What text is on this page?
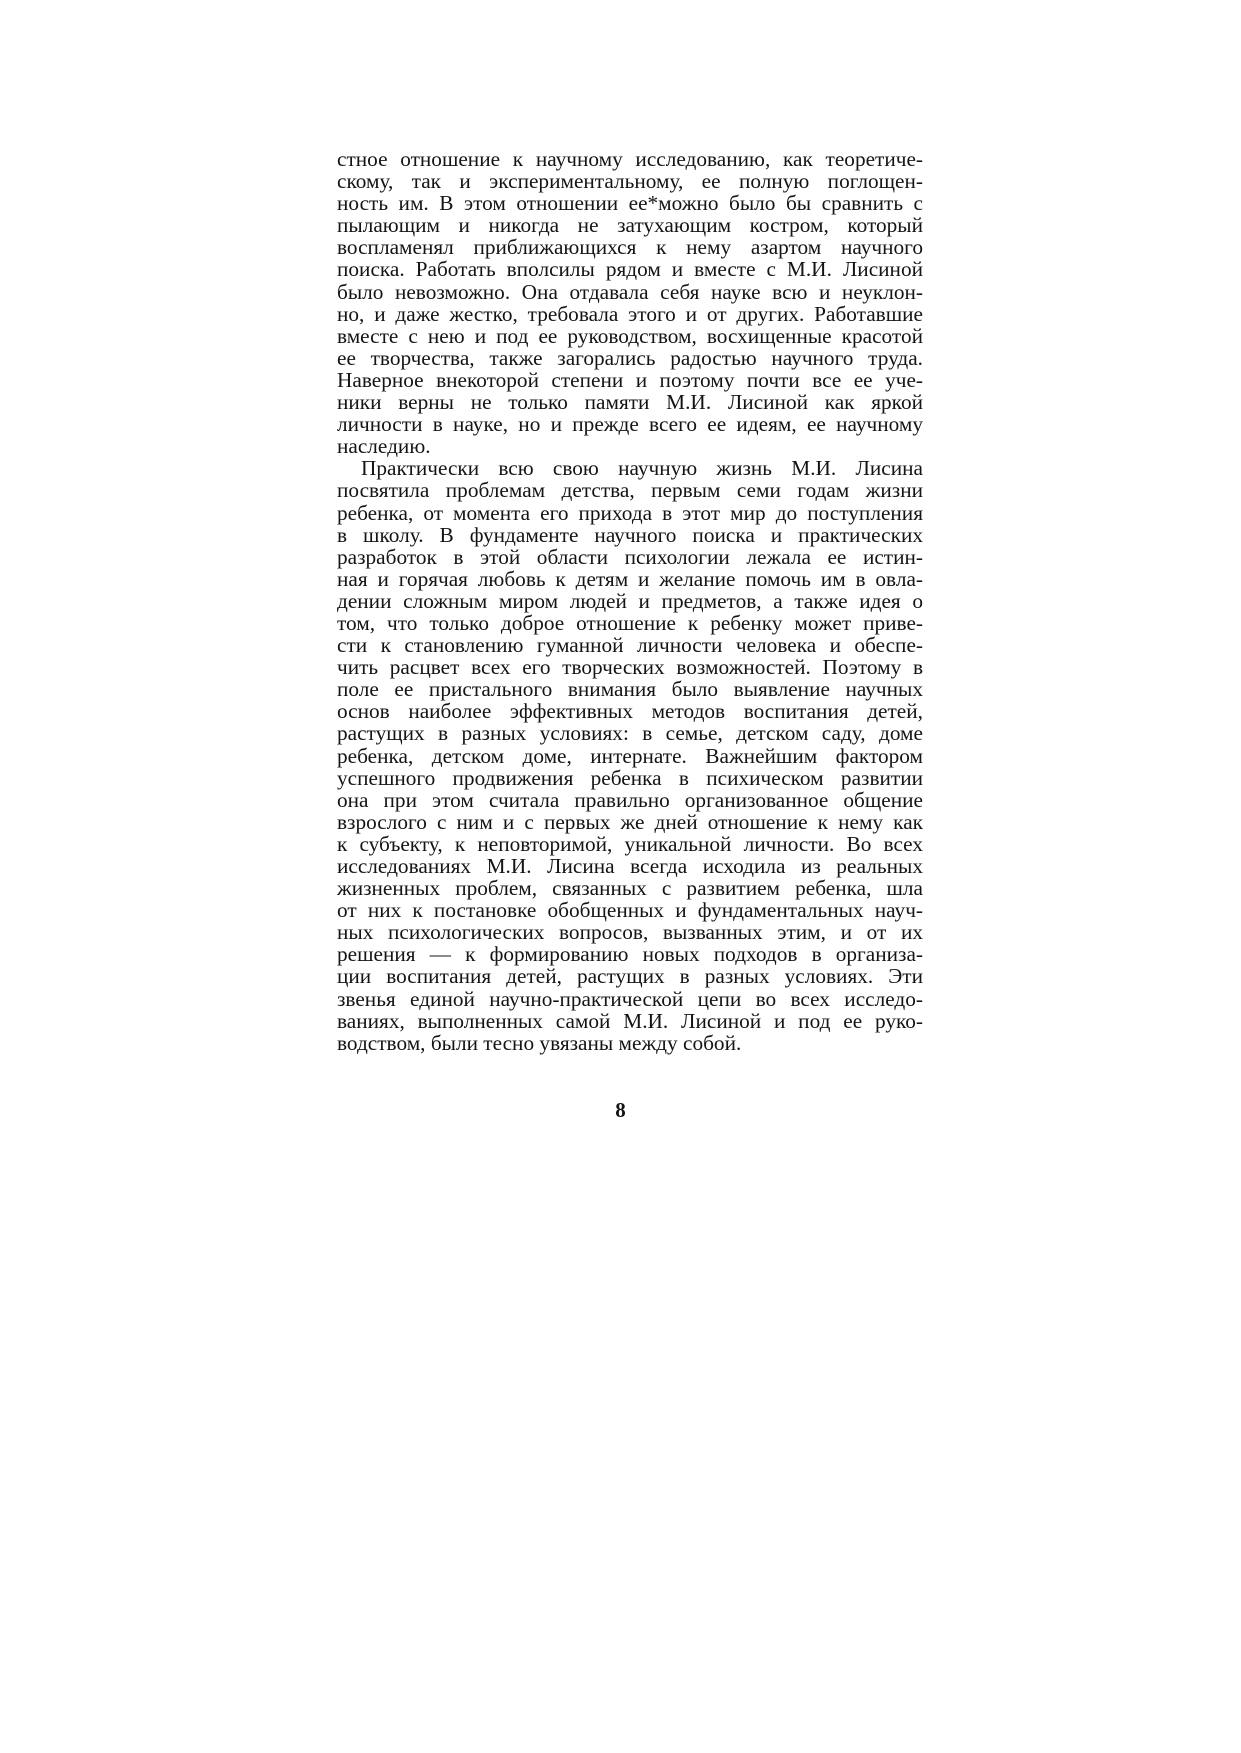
стное отношение к научному исследованию, как теоретиче-
скому, так и экспериментальному, ее полную поглощен-
ность им. В этом отношении ее*можно было бы сравнить с
пылающим и никогда не затухающим костром, который
воспламенял приближающихся к нему азартом научного
поиска. Работать вполсилы рядом и вместе с М.И. Лисиной
было невозможно. Она отдавала себя науке всю и неуклон-
но, и даже жестко, требовала этого и от других. Работавшие
вместе с нею и под ее руководством, восхищенные красотой
ее творчества, также загорались радостью научного труда.
Наверное внекоторой степени и поэтому почти все ее уче-
ники верны не только памяти М.И. Лисиной как яркой
личности в науке, но и прежде всего ее идеям, ее научному
наследию.
Практически всю свою научную жизнь М.И. Лисина
посвятила проблемам детства, первым семи годам жизни
ребенка, от момента его прихода в этот мир до поступления
в школу. В фундаменте научного поиска и практических
разработок в этой области психологии лежала ее истин-
ная и горячая любовь к детям и желание помочь им в овла-
дении сложным миром людей и предметов, а также идея о
том, что только доброе отношение к ребенку может приве-
сти к становлению гуманной личности человека и обеспе-
чить расцвет всех его творческих возможностей. Поэтому в
поле ее пристального внимания было выявление научных
основ наиболее эффективных методов воспитания детей,
растущих в разных условиях: в семье, детском саду, доме
ребенка, детском доме, интернате. Важнейшим фактором
успешного продвижения ребенка в психическом развитии
она при этом считала правильно организованное общение
взрослого с ним и с первых же дней отношение к нему как
к субъекту, к неповторимой, уникальной личности. Во всех
исследованиях М.И. Лисина всегда исходила из реальных
жизненных проблем, связанных с развитием ребенка, шла
от них к постановке обобщенных и фундаментальных науч-
ных психологических вопросов, вызванных этим, и от их
решения — к формированию новых подходов в организа-
ции воспитания детей, растущих в разных условиях. Эти
звенья единой научно-практической цепи во всех исследо-
ваниях, выполненных самой М.И. Лисиной и под ее руко-
водством, были тесно увязаны между собой.
8
